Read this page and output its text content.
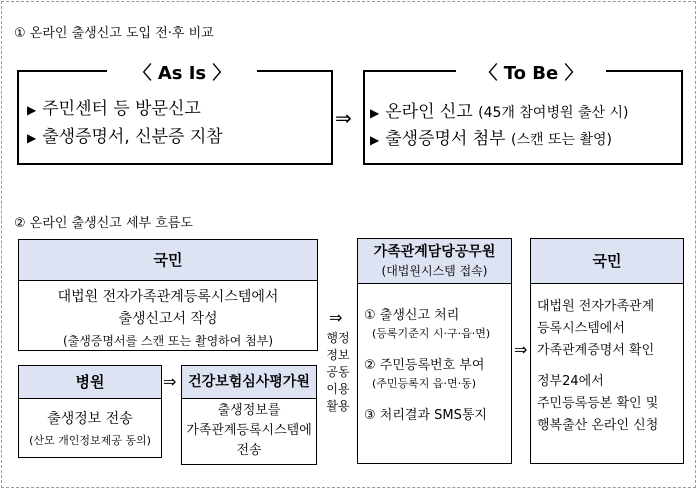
① 온라인 출생신고 도입 전·후 비교
〈 As Is 〉
▶ 주민센터 등 방문신고
▶ 출생증명서, 신분증 지참
⇒
〈 To Be 〉
▶ 온라인 신고 (45개 참여병원 출산 시)
▶ 출생증명서 첨부 (스캔 또는 촬영)
② 온라인 출생신고 세부 흐름도
국민
대법원 전자가족관계등록시스템에서
출생신고서 작성
(출생증명서를 스캔 또는 촬영하여 첨부)
병원
출생정보 전송
(산모 개인정보제공 동의)
⇒ 건강보험심사평가원
출생정보를
가족관계등록시스템에
전송
⇒
행정
정보
공동
이용
활용
가족관계담당공무원
(대법원시스템 접속)
① 출생신고 처리
(등록기준지 시·구·읍·면)
② 주민등록번호 부여
(주민등록지 읍·면·동)
③ 처리결과 SMS통지
⇒
국민
대법원 전자가족관계
등록시스템에서
가족관계증명서 확인
정부24에서
주민등록등본 확인 및
행복출산 온라인 신청
